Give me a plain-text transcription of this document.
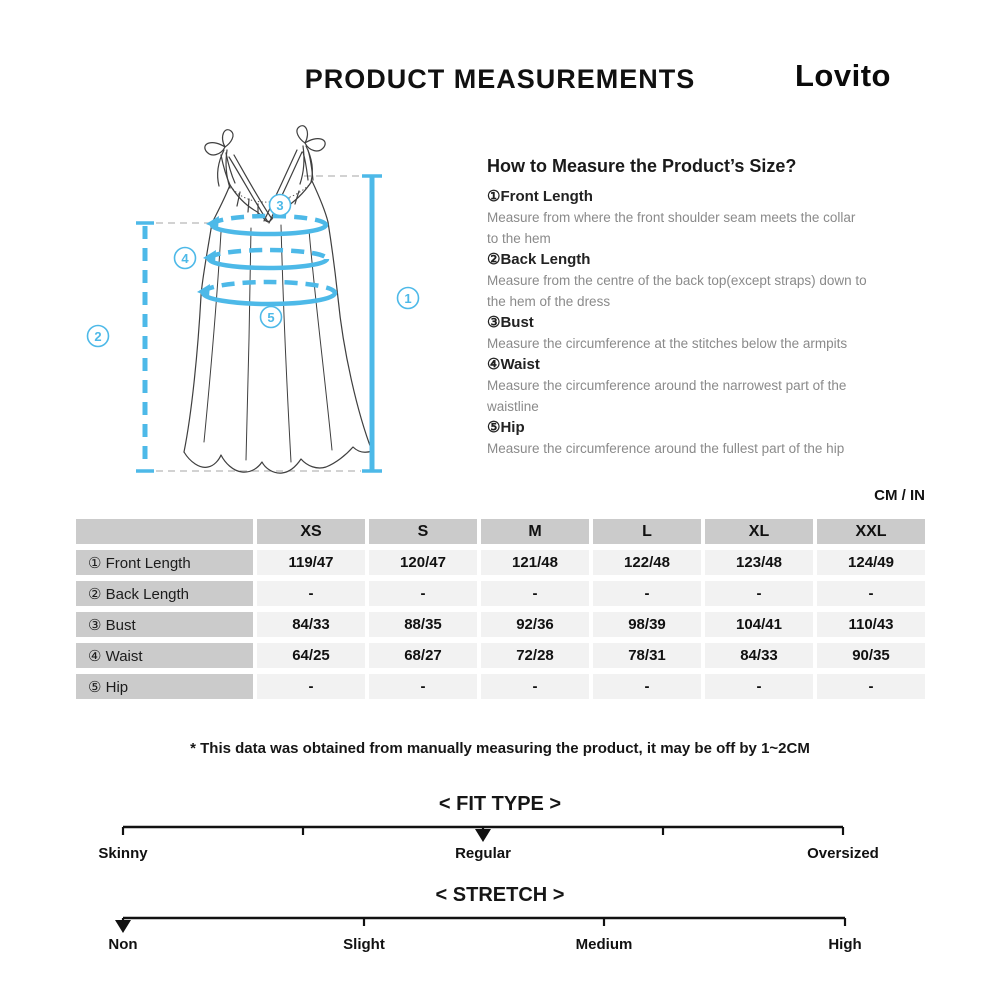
PRODUCT MEASUREMENTS	Lovito
1
2
3
4
5
How to Measure the Product’s Size?
①Front Length
Measure from where the front shoulder seam meets the collar
to the hem
②Back Length
Measure from the centre of the back top(except straps) down to
the hem of the dress
③Bust
Measure the circumference at the stitches below the armpits
④Waist
Measure the circumference around the narrowest part of the
waistline
⑤Hip
Measure the circumference around the fullest part of the hip
CM / IN
	XS	S	M	L	XL	XXL
① Front Length	119/47	120/47	121/48	122/48	123/48	124/49
② Back Length	-	-	-	-	-	-
③ Bust	84/33	88/35	92/36	98/39	104/41	110/43
④ Waist	64/25	68/27	72/28	78/31	84/33	90/35
⑤ Hip	-	-	-	-	-	-
* This data was obtained from manually measuring the product, it may be off by 1~2CM
< FIT TYPE >
Skinny	Regular	Oversized
< STRETCH >
Non	Slight	Medium	High
